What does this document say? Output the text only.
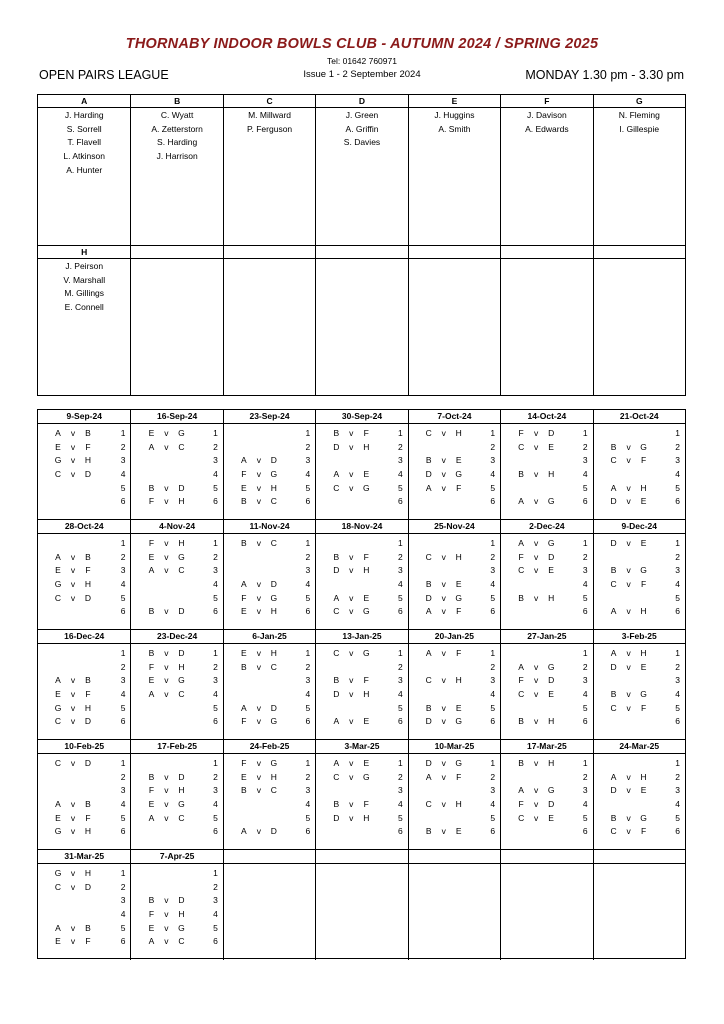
THORNABY INDOOR BOWLS CLUB - AUTUMN 2024 / SPRING 2025
Tel: 01642 760971
OPEN PAIRS LEAGUE	Issue 1 - 2 September 2024	MONDAY 1.30 pm - 3.30 pm
A
J. Harding
S. Sorrell
T. Flavell
L. Atkinson
A. Hunter
B
C. Wyatt
A. Zetterstorn
S. Harding
J. Harrison
C
M. Millward
P. Ferguson
D
J. Green
A. Griffin
S. Davies
E
J. Huggins
A. Smith
F
J. Davison
A. Edwards
G
N. Fleming
I. Gillespie
H
J. Peirson
V. Marshall
M. Gillings
E. Connell
9-Sep-24
A	v	B	1
E	v	F	2
G	v	H	3
C	v	D	4
5
6
16-Sep-24
E	v	G	1
A	v	C	2
3
4
B	v	D	5
F	v	H	6
23-Sep-24
1
2
A	v	D	3
F	v	G	4
E	v	H	5
B	v	C	6
30-Sep-24
B	v	F	1
D	v	H	2
3
A	v	E	4
C	v	G	5
6
7-Oct-24
C	v	H	1
2
B	v	E	3
D	v	G	4
A	v	F	5
6
14-Oct-24
F	v	D	1
C	v	E	2
3
B	v	H	4
5
A	v	G	6
21-Oct-24
1
B	v	G	2
C	v	F	3
4
A	v	H	5
D	v	E	6
28-Oct-24
1
A	v	B	2
E	v	F	3
G	v	H	4
C	v	D	5
6
4-Nov-24
F	v	H	1
E	v	G	2
A	v	C	3
4
5
B	v	D	6
11-Nov-24
B	v	C	1
2
3
A	v	D	4
F	v	G	5
E	v	H	6
18-Nov-24
1
B	v	F	2
D	v	H	3
4
A	v	E	5
C	v	G	6
25-Nov-24
1
C	v	H	2
3
B	v	E	4
D	v	G	5
A	v	F	6
2-Dec-24
A	v	G	1
F	v	D	2
C	v	E	3
4
B	v	H	5
6
9-Dec-24
D	v	E	1
2
B	v	G	3
C	v	F	4
5
A	v	H	6
16-Dec-24
1
2
A	v	B	3
E	v	F	4
G	v	H	5
C	v	D	6
23-Dec-24
B	v	D	1
F	v	H	2
E	v	G	3
A	v	C	4
5
6
6-Jan-25
E	v	H	1
B	v	C	2
3
4
A	v	D	5
F	v	G	6
13-Jan-25
C	v	G	1
2
B	v	F	3
D	v	H	4
5
A	v	E	6
20-Jan-25
A	v	F	1
2
C	v	H	3
4
B	v	E	5
D	v	G	6
27-Jan-25
1
A	v	G	2
F	v	D	3
C	v	E	4
5
B	v	H	6
3-Feb-25
A	v	H	1
D	v	E	2
3
B	v	G	4
C	v	F	5
6
10-Feb-25
C	v	D	1
2
3
A	v	B	4
E	v	F	5
G	v	H	6
17-Feb-25
1
B	v	D	2
F	v	H	3
E	v	G	4
A	v	C	5
6
24-Feb-25
F	v	G	1
E	v	H	2
B	v	C	3
4
5
A	v	D	6
3-Mar-25
A	v	E	1
C	v	G	2
3
B	v	F	4
D	v	H	5
6
10-Mar-25
D	v	G	1
A	v	F	2
3
C	v	H	4
5
B	v	E	6
17-Mar-25
B	v	H	1
2
A	v	G	3
F	v	D	4
C	v	E	5
6
24-Mar-25
1
A	v	H	2
D	v	E	3
4
B	v	G	5
C	v	F	6
31-Mar-25
G	v	H	1
C	v	D	2
3
4
A	v	B	5
E	v	F	6
7-Apr-25
1
2
B	v	D	3
F	v	H	4
E	v	G	5
A	v	C	6
